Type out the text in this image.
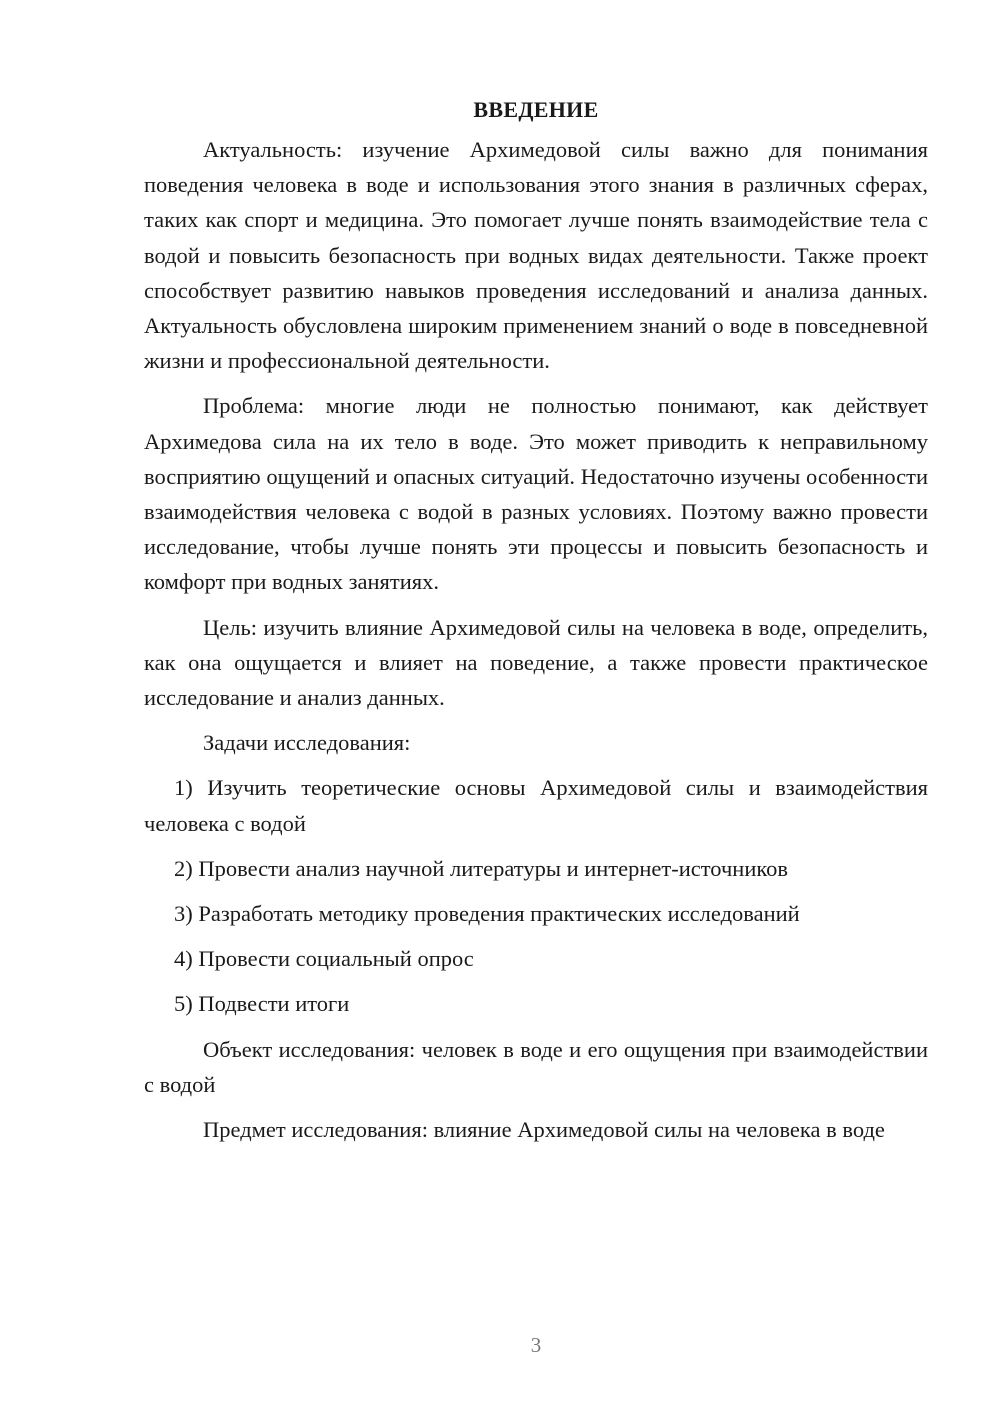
ВВЕДЕНИЕ

Актуальность: изучение Архимедовой силы важно для понимания поведения человека в воде и использования этого знания в различных сферах, таких как спорт и медицина. Это помогает лучше понять взаимодействие тела с водой и повысить безопасность при водных видах деятельности. Также проект способствует развитию навыков проведения исследований и анализа данных. Актуальность обусловлена широким применением знаний о воде в повседневной жизни и профессиональной деятельности.

Проблема: многие люди не полностью понимают, как действует Архимедова сила на их тело в воде. Это может приводить к неправильному восприятию ощущений и опасных ситуаций. Недостаточно изучены особенности взаимодействия человека с водой в разных условиях. Поэтому важно провести исследование, чтобы лучше понять эти процессы и повысить безопасность и комфорт при водных занятиях.

Цель: изучить влияние Архимедовой силы на человека в воде, определить, как она ощущается и влияет на поведение, а также провести практическое исследование и анализ данных.

Задачи исследования:

1) Изучить теоретические основы Архимедовой силы и взаимодействия человека с водой

2) Провести анализ научной литературы и интернет-источников

3) Разработать методику проведения практических исследований

4) Провести социальный опрос

5) Подвести итоги

Объект исследования: человек в воде и его ощущения при взаимодействии с водой

Предмет исследования: влияние Архимедовой силы на человека в воде

3
